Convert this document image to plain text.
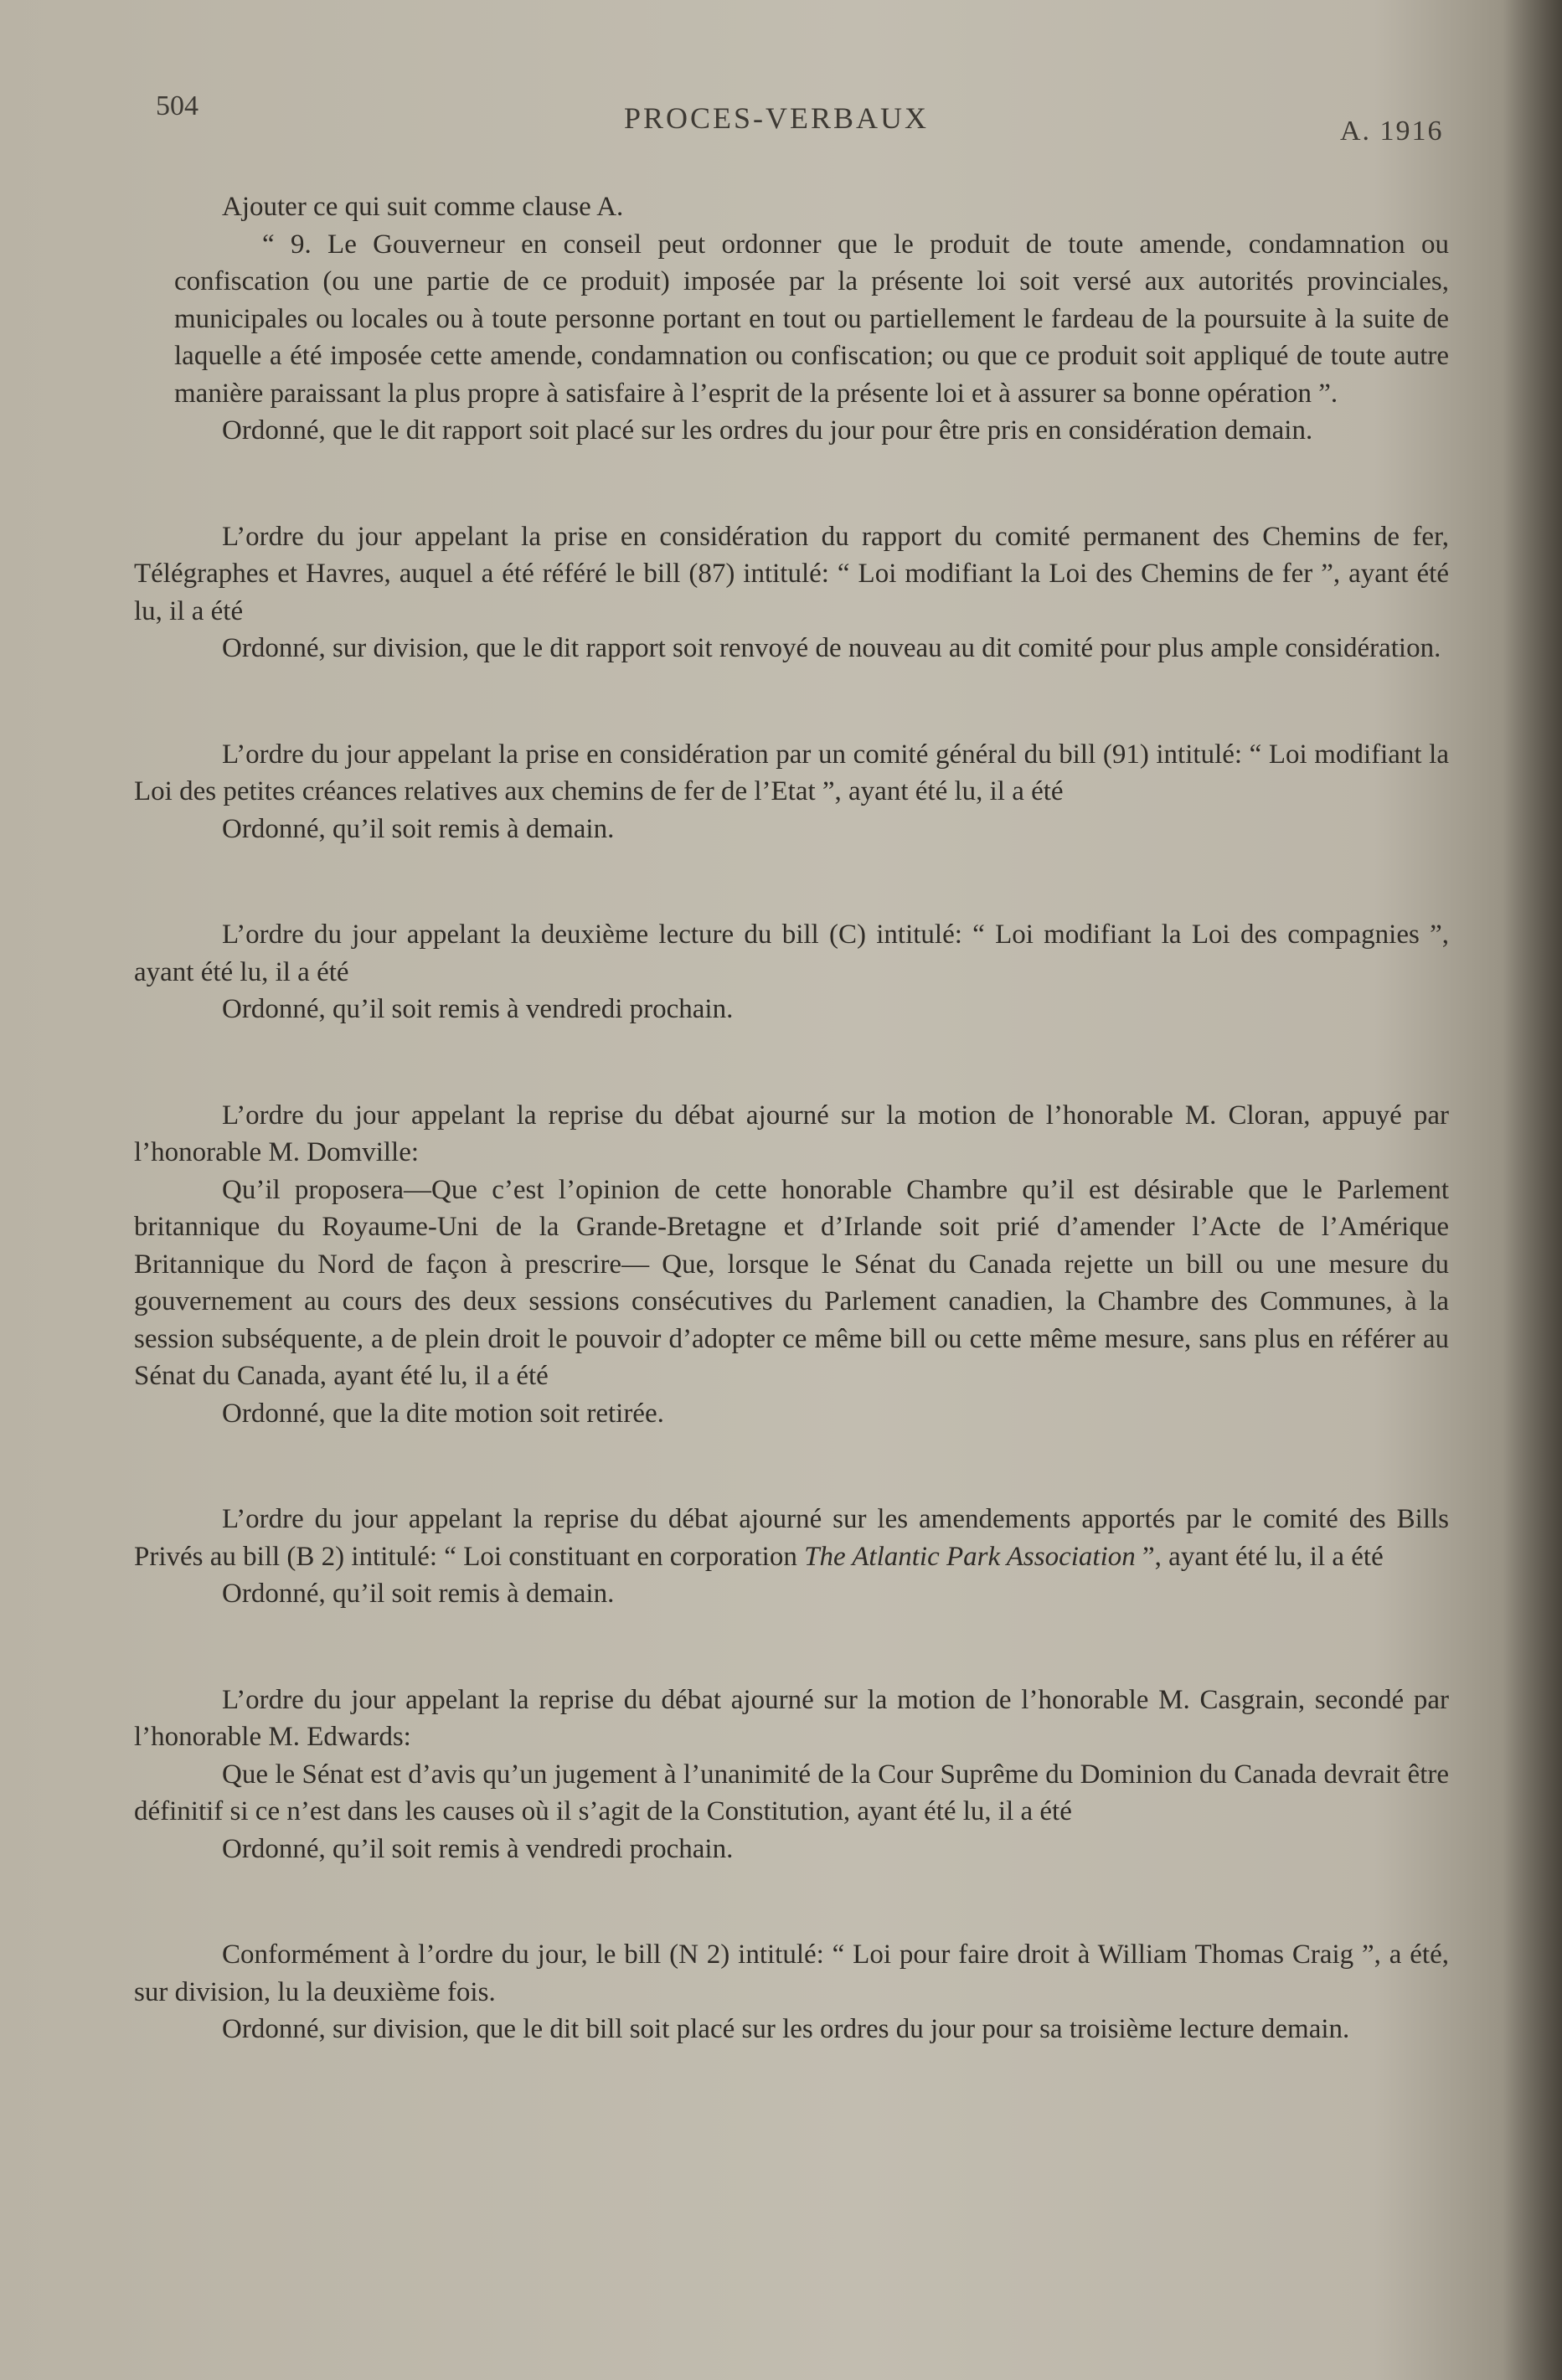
504	PROCES-VERBAUX	A. 1916

Ajouter ce qui suit comme clause A.

“ 9. Le Gouverneur en conseil peut ordonner que le produit de toute amende, condamnation ou confiscation (ou une partie de ce produit) imposée par la présente loi soit versé aux autorités provinciales, municipales ou locales ou à toute personne portant en tout ou partiellement le fardeau de la poursuite à la suite de laquelle a été imposée cette amende, condamnation ou confiscation; ou que ce produit soit appliqué de toute autre manière paraissant la plus propre à satisfaire à l’esprit de la présente loi et à assurer sa bonne opération ”.

Ordonné, que le dit rapport soit placé sur les ordres du jour pour être pris en considération demain.

L’ordre du jour appelant la prise en considération du rapport du comité permanent des Chemins de fer, Télégraphes et Havres, auquel a été référé le bill (87) intitulé: “ Loi modifiant la Loi des Chemins de fer ”, ayant été lu, il a été

Ordonné, sur division, que le dit rapport soit renvoyé de nouveau au dit comité pour plus ample considération.

L’ordre du jour appelant la prise en considération par un comité général du bill (91) intitulé: “ Loi modifiant la Loi des petites créances relatives aux chemins de fer de l’Etat ”, ayant été lu, il a été

Ordonné, qu’il soit remis à demain.

L’ordre du jour appelant la deuxième lecture du bill (C) intitulé: “ Loi modifiant la Loi des compagnies ”, ayant été lu, il a été

Ordonné, qu’il soit remis à vendredi prochain.

L’ordre du jour appelant la reprise du débat ajourné sur la motion de l’honorable M. Cloran, appuyé par l’honorable M. Domville:

Qu’il proposera—Que c’est l’opinion de cette honorable Chambre qu’il est désirable que le Parlement britannique du Royaume-Uni de la Grande-Bretagne et d’Irlande soit prié d’amender l’Acte de l’Amérique Britannique du Nord de façon à prescrire— Que, lorsque le Sénat du Canada rejette un bill ou une mesure du gouvernement au cours des deux sessions consécutives du Parlement canadien, la Chambre des Communes, à la session subséquente, a de plein droit le pouvoir d’adopter ce même bill ou cette même mesure, sans plus en référer au Sénat du Canada, ayant été lu, il a été

Ordonné, que la dite motion soit retirée.

L’ordre du jour appelant la reprise du débat ajourné sur les amendements apportés par le comité des Bills Privés au bill (B 2) intitulé: “ Loi constituant en corporation The Atlantic Park Association ”, ayant été lu, il a été

Ordonné, qu’il soit remis à demain.

L’ordre du jour appelant la reprise du débat ajourné sur la motion de l’honorable M. Casgrain, secondé par l’honorable M. Edwards:

Que le Sénat est d’avis qu’un jugement à l’unanimité de la Cour Suprême du Dominion du Canada devrait être définitif si ce n’est dans les causes où il s’agit de la Constitution, ayant été lu, il a été

Ordonné, qu’il soit remis à vendredi prochain.

Conformément à l’ordre du jour, le bill (N 2) intitulé: “ Loi pour faire droit à William Thomas Craig ”, a été, sur division, lu la deuxième fois.

Ordonné, sur division, que le dit bill soit placé sur les ordres du jour pour sa troisième lecture demain.
